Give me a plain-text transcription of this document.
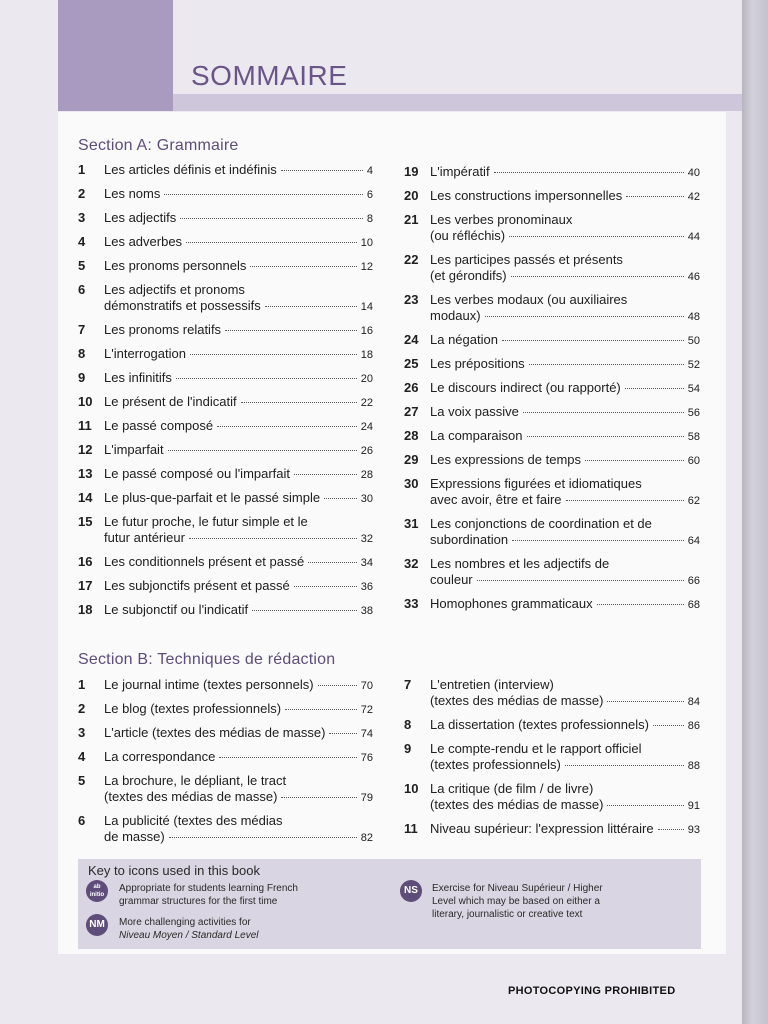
SOMMAIRE
Section A: Grammaire
Section B: Techniques de rédaction
1	Les articles définis et indéfinis	4
2	Les noms	6
3	Les adjectifs	8
4	Les adverbes	10
5	Les pronoms personnels	12
6	Les adjectifs et pronoms
démonstratifs et possessifs	14
7	Les pronoms relatifs	16
8	L'interrogation	18
9	Les infinitifs	20
10 Le présent de l'indicatif	22
11 Le passé composé	24
12 L'imparfait	26
13 Le passé composé ou l'imparfait	28
14 Le plus-que-parfait et le passé simple	30
15 Le futur proche, le futur simple et le
futur antérieur	32
16 Les conditionnels présent et passé	34
17 Les subjonctifs présent et passé	36
18 Le subjonctif ou l'indicatif	38
19 L'impératif	40
20 Les constructions impersonnelles	42
21 Les verbes pronominaux
(ou réfléchis)	44
22 Les participes passés et présents
(et gérondifs)	46
23 Les verbes modaux (ou auxiliaires
modaux)	48
24 La négation	50
25 Les prépositions	52
26 Le discours indirect (ou rapporté)	54
27 La voix passive	56
28 La comparaison	58
29 Les expressions de temps	60
30 Expressions figurées et idiomatiques
avec avoir, être et faire	62
31 Les conjonctions de coordination et de
subordination	64
32 Les nombres et les adjectifs de
couleur	66
33 Homophones grammaticaux	68
1	Le journal intime (textes personnels)	70
2	Le blog (textes professionnels)	72
3	L'article (textes des médias de masse)	74
4	La correspondance	76
5	La brochure, le dépliant, le tract
(textes des médias de masse)	79
6	La publicité (textes des médias
de masse)	82
7	L'entretien (interview)
(textes des médias de masse)	84
8	La dissertation (textes professionnels)	86
9	Le compte-rendu et le rapport officiel
(textes professionnels)	88
10 La critique (de film / de livre)
(textes des médias de masse)	91
11 Niveau supérieur: l'expression littéraire	93
Key to icons used in this book
ab initio
Appropriate for students learning French
grammar structures for the first time
NM	More challenging activities for
Niveau Moyen / Standard Level
NS	Exercise for Niveau Supérieur / Higher
Level which may be based on either a
literary, journalistic or creative text
PHOTOCOPYING PROHIBITED
